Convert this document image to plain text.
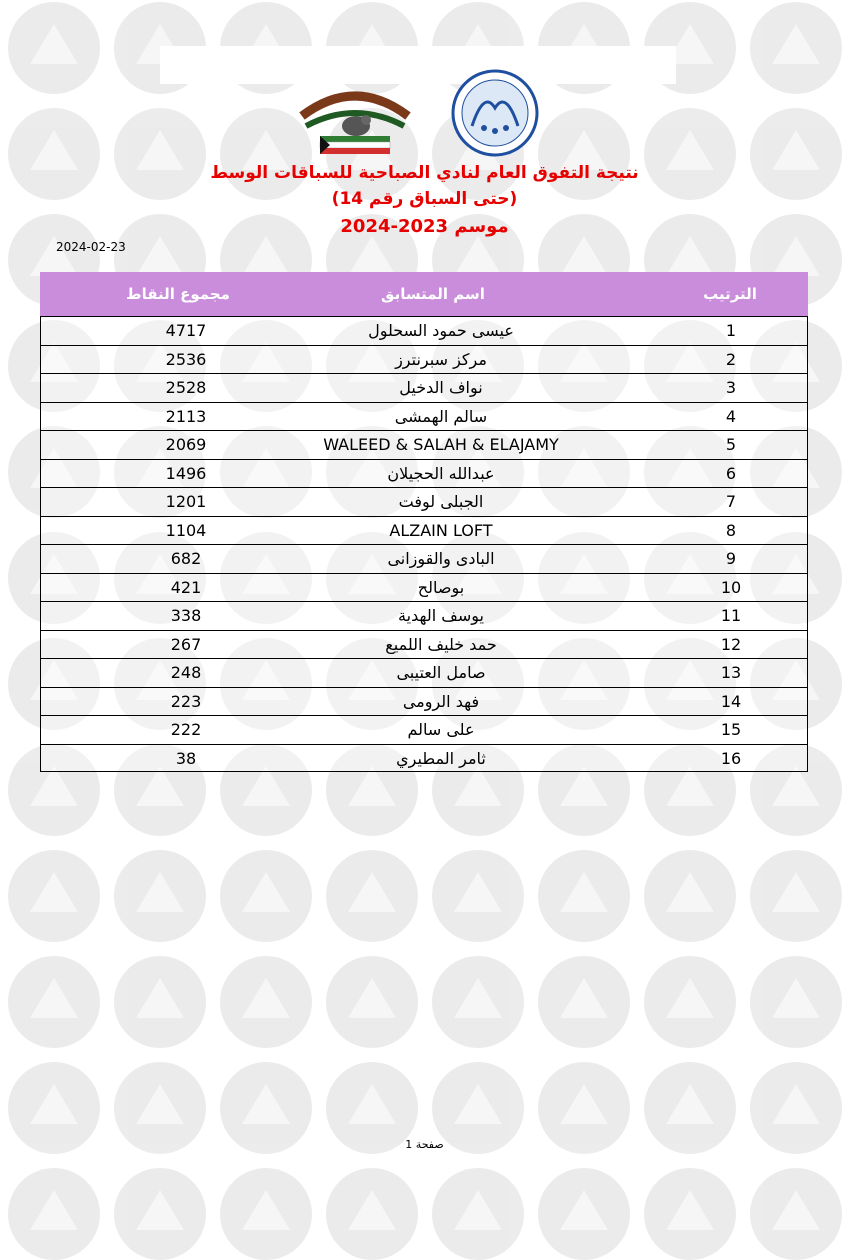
نتيجة التفوق العام لنادي الصباحية للسباقات الوسط
(حتى السباق رقم 14)
موسم 2023-2024
2024-02-23
مجموع النقاط	اسم المتسابق	الترتيب
4717	عيسى حمود السحلول	1
2536	مركز سبرنترز	2
2528	نواف الدخيل	3
2113	سالم الهمشى	4
2069	WALEED & SALAH & ELAJAMY	5
1496	عبدالله الحجيلان	6
1201	الجبلى لوفت	7
1104	ALZAIN LOFT	8
682	البادى والقوزانى	9
421	بوصالح	10
338	يوسف الهدية	11
267	حمد خليف اللميع	12
248	صامل العتيبى	13
223	فهد الرومى	14
222	على سالم	15
38	ثامر المطيري	16
صفحة 1
